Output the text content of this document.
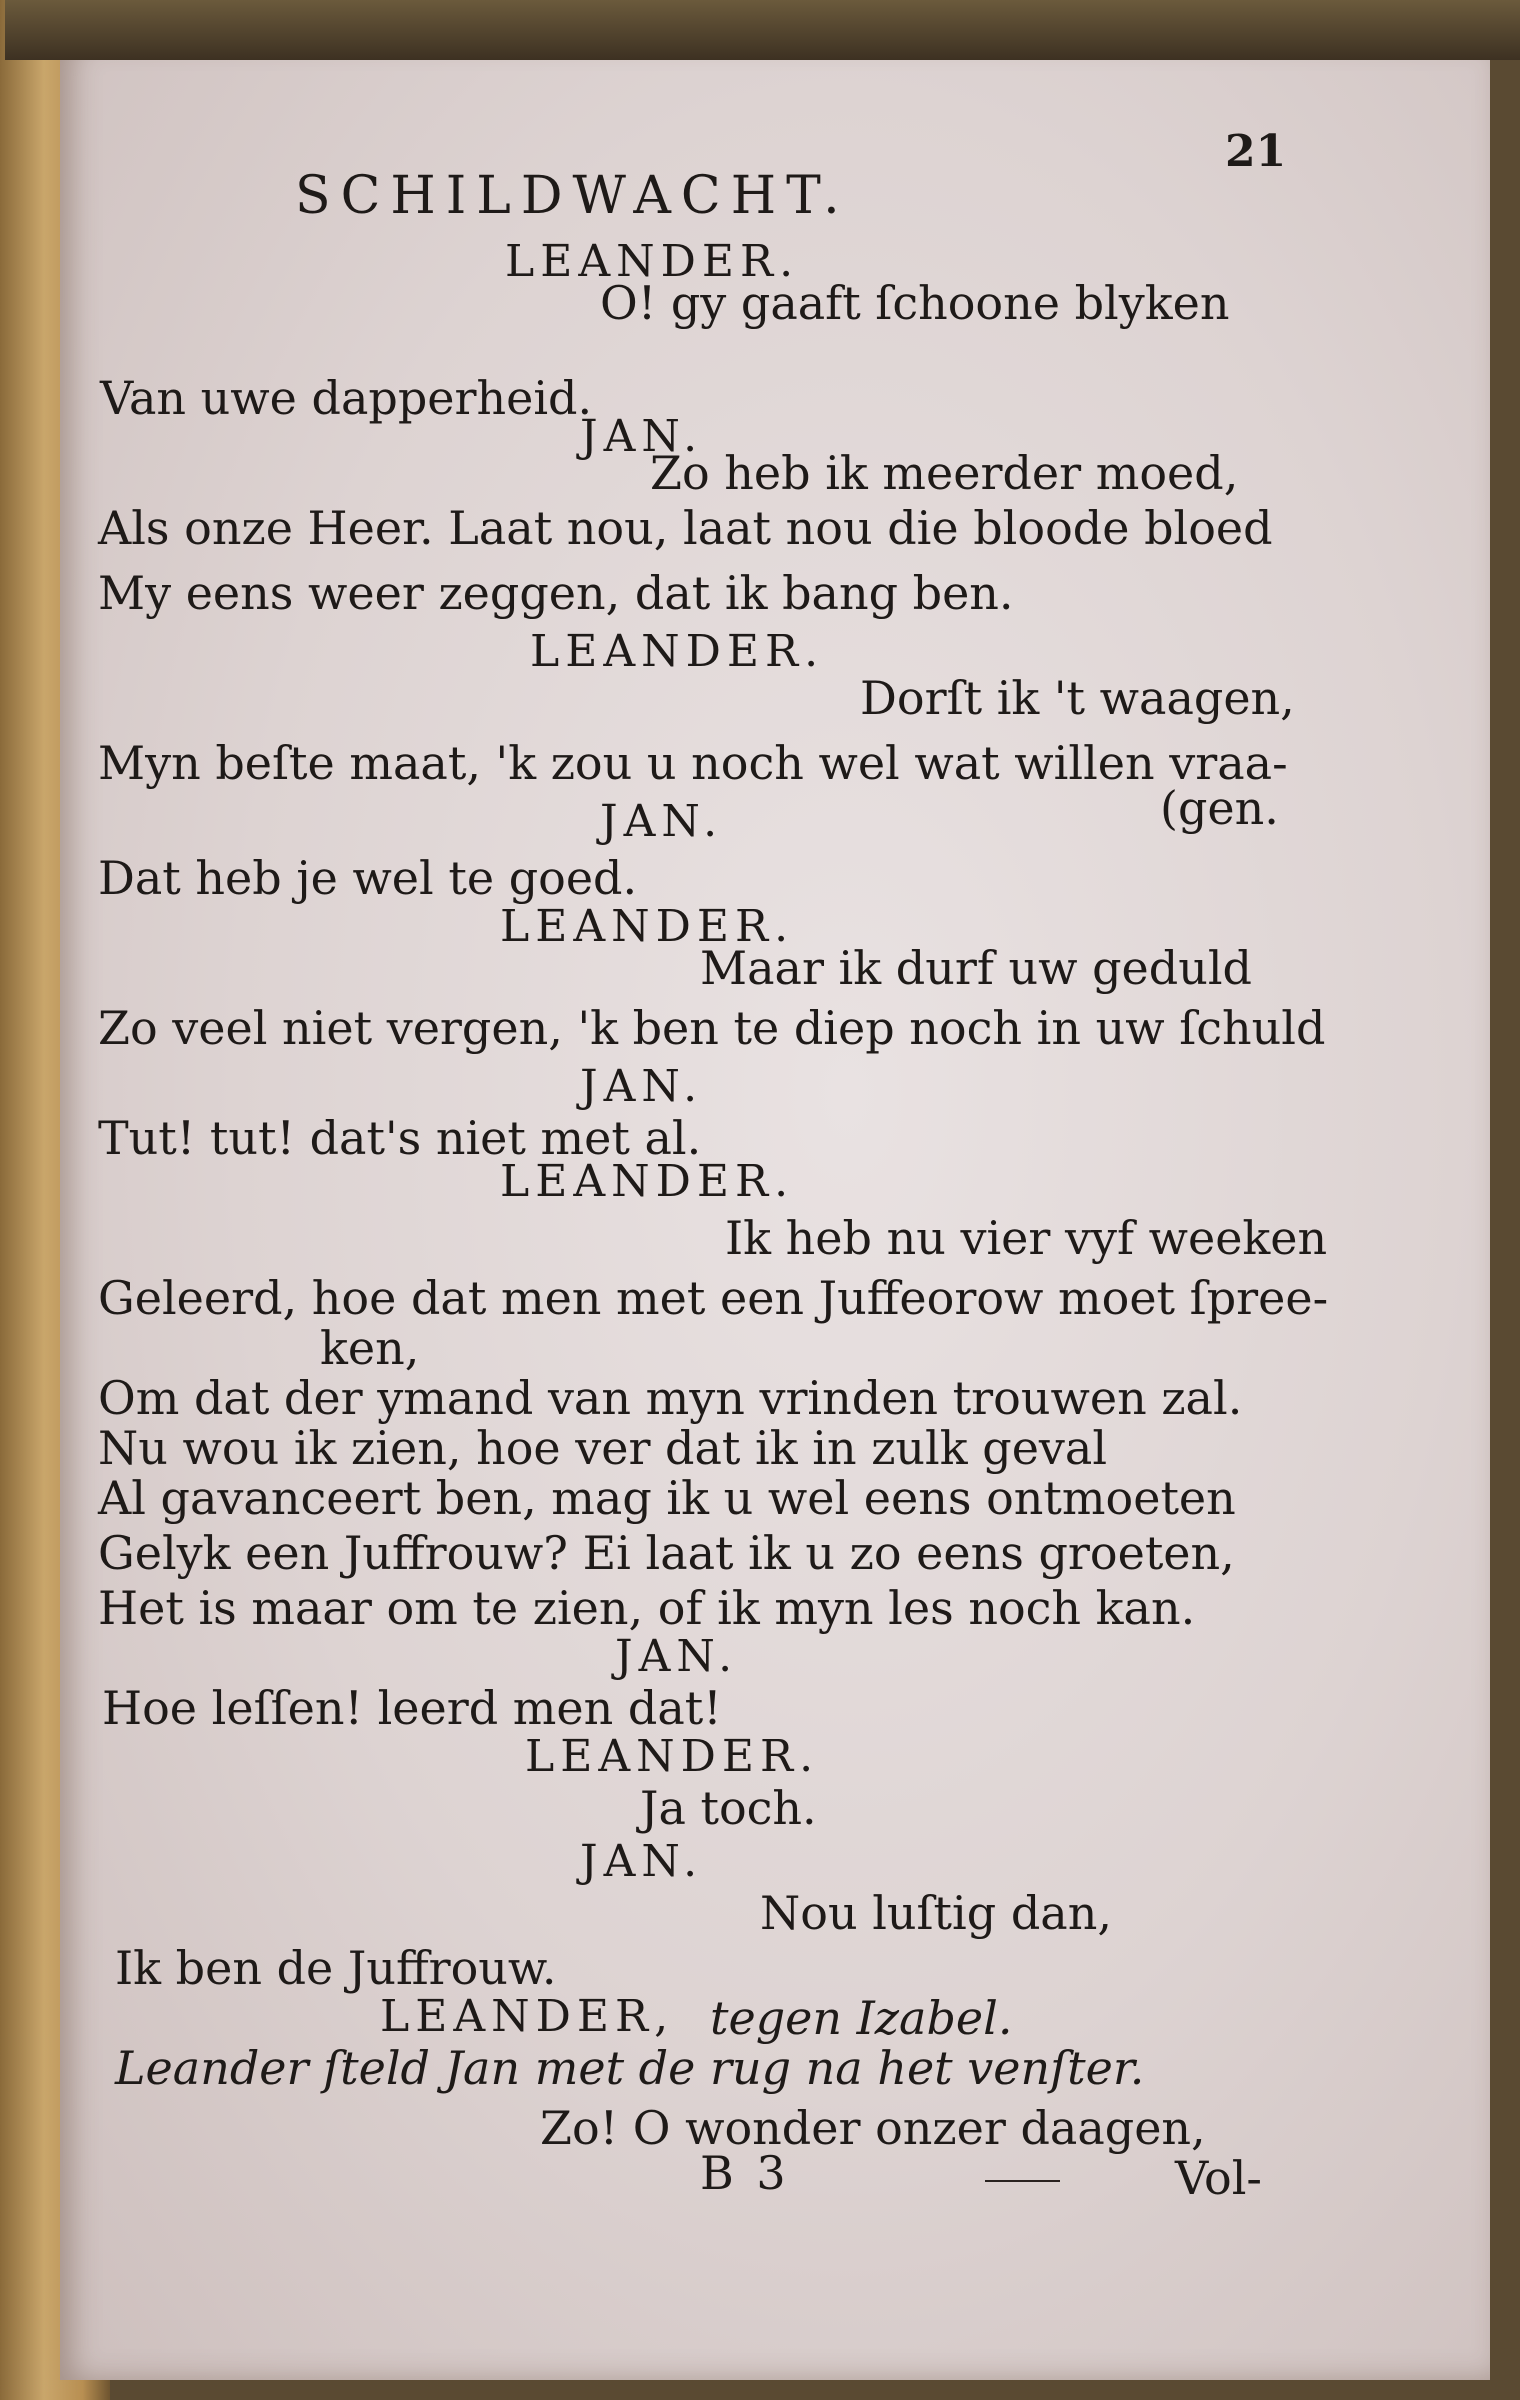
SCHILDWACHT.
21
LEANDER.
O! gy gaaft ſchoone blyken
Van uwe dapperheid.
JAN.
Zo heb ik meerder moed,
Als onze Heer. Laat nou, laat nou die bloode bloed
My eens weer zeggen, dat ik bang ben.
LEANDER.
Dorſt ik 't waagen,
Myn beſte maat, 'k zou u noch wel wat willen vraa-
JAN.	(gen.
Dat heb je wel te goed.
LEANDER.
Maar ik durf uw geduld
Zo veel niet vergen, 'k ben te diep noch in uw ſchuld
JAN.
Tut! tut! dat's niet met al.
LEANDER.
Ik heb nu vier vyf weeken
Geleerd, hoe dat men met een Juffeorow moet ſpree-
ken,
Om dat der ymand van myn vrinden trouwen zal.
Nu wou ik zien, hoe ver dat ik in zulk geval
Al gavanceert ben, mag ik u wel eens ontmoeten
Gelyk een Juffrouw? Ei laat ik u zo eens groeten,
Het is maar om te zien, of ik myn les noch kan.
JAN.
Hoe leſſen! leerd men dat!
LEANDER.
Ja toch.
JAN.
Nou luſtig dan,
Ik ben de Juffrouw.
LEANDER, tegen Izabel.
Leander ſteld Jan met de rug na het venſter.
Zo! O wonder onzer daagen,
B 3	Vol-
